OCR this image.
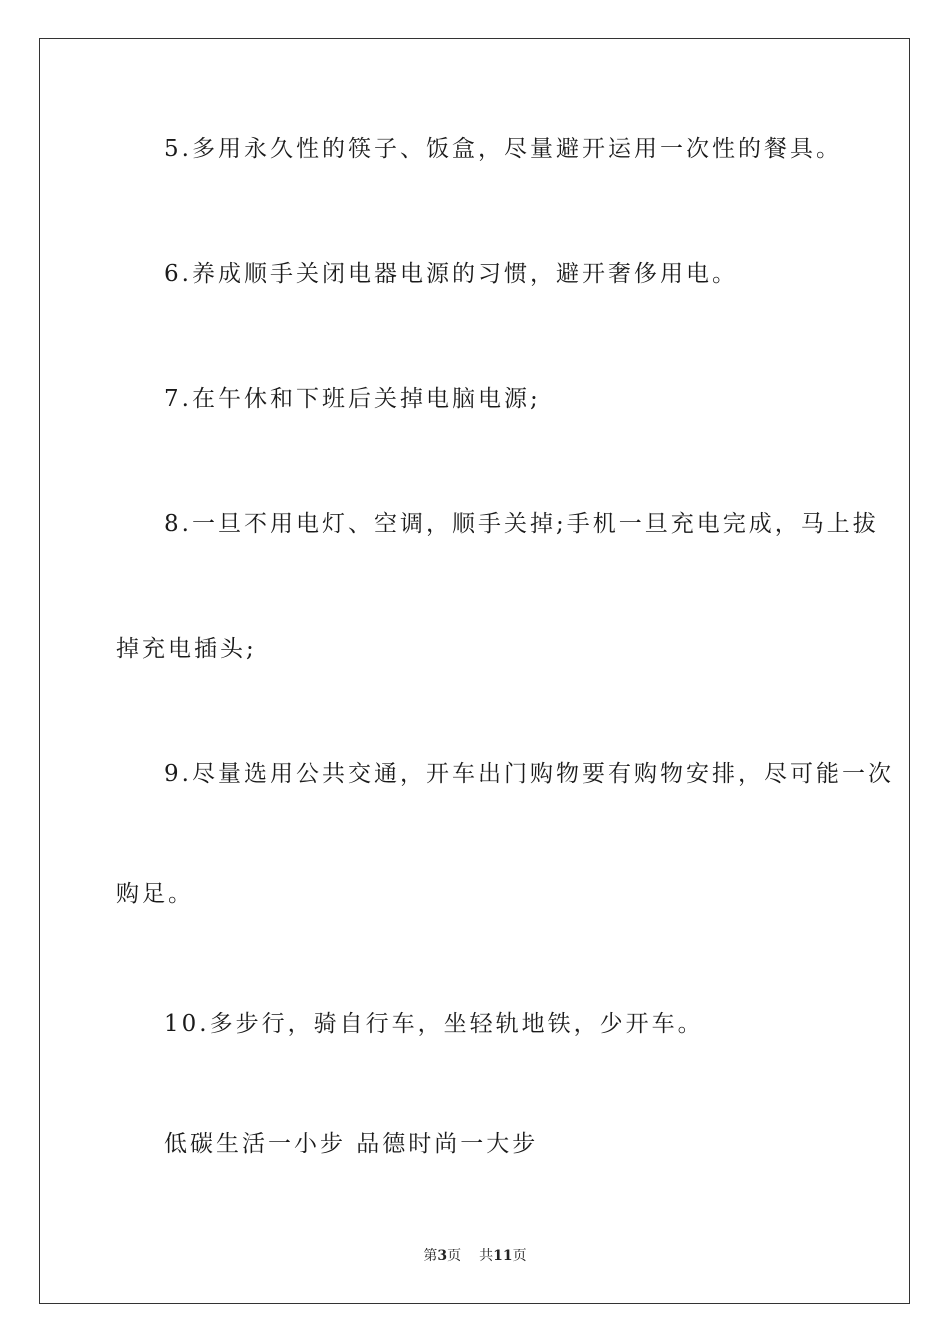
5.多用永久性的筷子、饭盒，尽量避开运用一次性的餐具。
6.养成顺手关闭电器电源的习惯，避开奢侈用电。
7.在午休和下班后关掉电脑电源;
8.一旦不用电灯、空调，顺手关掉;手机一旦充电完成，马上拔
掉充电插头;
9.尽量选用公共交通，开车出门购物要有购物安排，尽可能一次
购足。
10.多步行，骑自行车，坐轻轨地铁，少开车。
低碳生活一小步 品德时尚一大步
第3页 共11页
